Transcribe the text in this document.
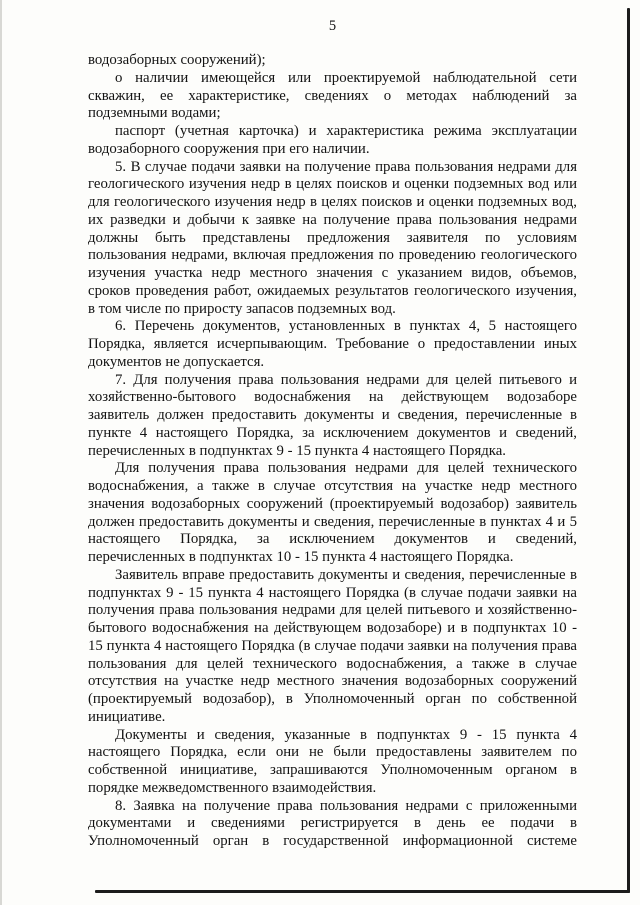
5

водозаборных сооружений);

о наличии имеющейся или проектируемой наблюдательной сети скважин, ее характеристике, сведениях о методах наблюдений за подземными водами;

паспорт (учетная карточка) и характеристика режима эксплуатации водозаборного сооружения при его наличии.

5. В случае подачи заявки на получение права пользования недрами для геологического изучения недр в целях поисков и оценки подземных вод или для геологического изучения недр в целях поисков и оценки подземных вод, их разведки и добычи к заявке на получение права пользования недрами должны быть представлены предложения заявителя по условиям пользования недрами, включая предложения по проведению геологического изучения участка недр местного значения с указанием видов, объемов, сроков проведения работ, ожидаемых результатов геологического изучения, в том числе по приросту запасов подземных вод.

6. Перечень документов, установленных в пунктах 4, 5 настоящего Порядка, является исчерпывающим. Требование о предоставлении иных документов не допускается.

7. Для получения права пользования недрами для целей питьевого и хозяйственно-бытового водоснабжения на действующем водозаборе заявитель должен предоставить документы и сведения, перечисленные в пункте 4 настоящего Порядка, за исключением документов и сведений, перечисленных в подпунктах 9 - 15 пункта 4 настоящего Порядка.

Для получения права пользования недрами для целей технического водоснабжения, а также в случае отсутствия на участке недр местного значения водозаборных сооружений (проектируемый водозабор) заявитель должен предоставить документы и сведения, перечисленные в пунктах 4 и 5 настоящего Порядка, за исключением документов и сведений, перечисленных в подпунктах 10 - 15 пункта 4 настоящего Порядка.

Заявитель вправе предоставить документы и сведения, перечисленные в подпунктах 9 - 15 пункта 4 настоящего Порядка (в случае подачи заявки на получения права пользования недрами для целей питьевого и хозяйственно-бытового водоснабжения на действующем водозаборе) и в подпунктах 10 - 15 пункта 4 настоящего Порядка (в случае подачи заявки на получения права пользования для целей технического водоснабжения, а также в случае отсутствия на участке недр местного значения водозаборных сооружений (проектируемый водозабор), в Уполномоченный орган по собственной инициативе.

Документы и сведения, указанные в подпунктах 9 - 15 пункта 4 настоящего Порядка, если они не были предоставлены заявителем по собственной инициативе, запрашиваются Уполномоченным органом в порядке межведомственного взаимодействия.

8. Заявка на получение права пользования недрами с приложенными документами и сведениями регистрируется в день ее подачи в Уполномоченный орган в государственной информационной системе
